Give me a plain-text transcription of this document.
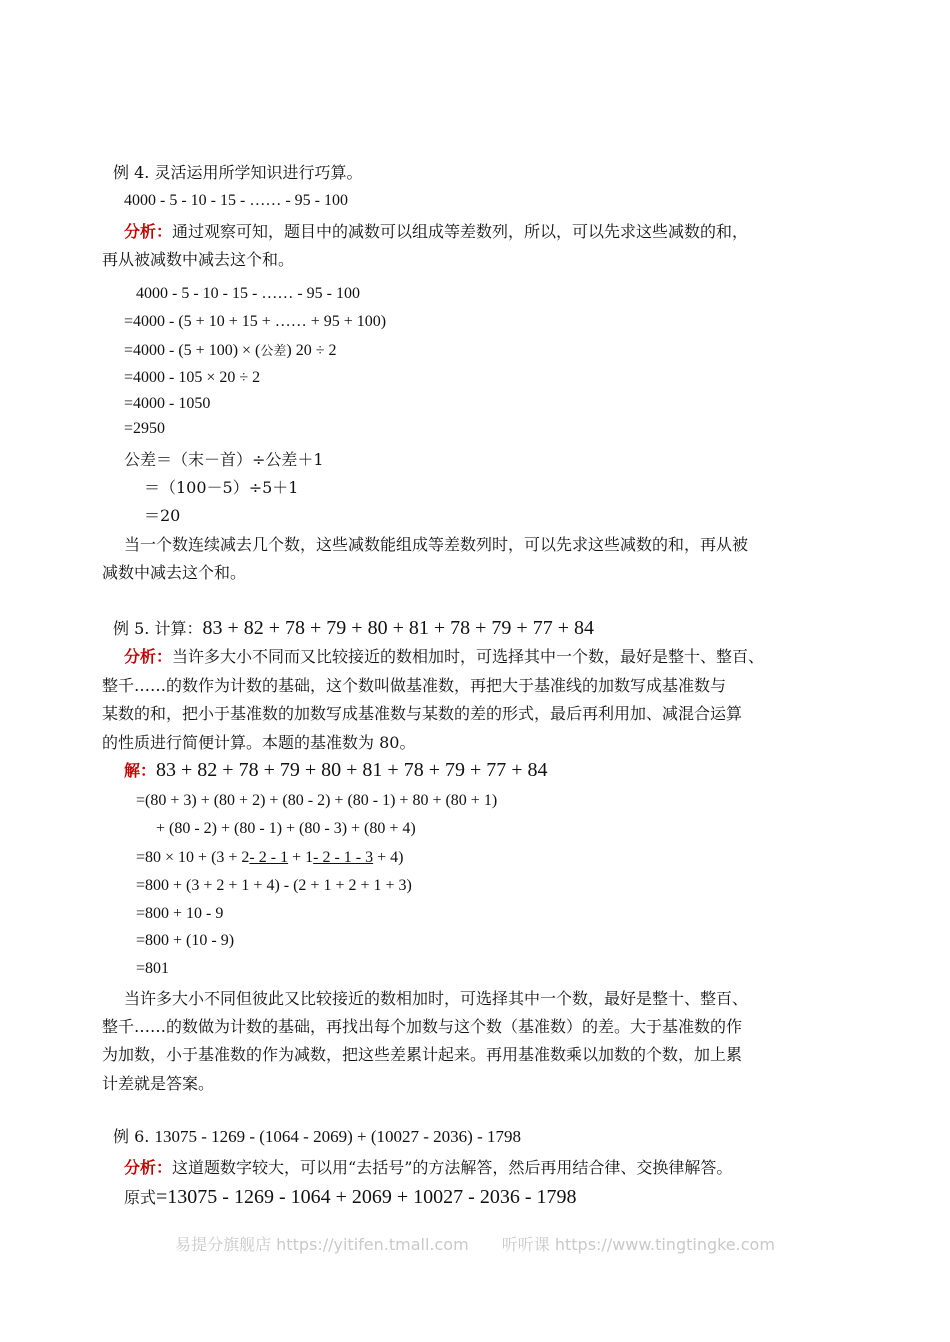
例 4. 灵活运用所学知识进行巧算。
4000 - 5 - 10 - 15 - …… - 95 - 100
分析：通过观察可知，题目中的减数可以组成等差数列，所以，可以先求这些减数的和，
再从被减数中减去这个和。
4000 - 5 - 10 - 15 - …… - 95 - 100
=4000 - (5 + 10 + 15 + …… + 95 + 100)
=4000 - (5 + 100) × (公差) 20 ÷ 2
=4000 - 105 × 20 ÷ 2
=4000 - 1050
=2950
公差＝（末－首）÷公差＋1
＝（100－5）÷5＋1
＝20
当一个数连续减去几个数，这些减数能组成等差数列时，可以先求这些减数的和，再从被
减数中减去这个和。
例 5. 计算：83 + 82 + 78 + 79 + 80 + 81 + 78 + 79 + 77 + 84
分析：当许多大小不同而又比较接近的数相加时，可选择其中一个数，最好是整十、整百、
整千……的数作为计数的基础，这个数叫做基准数，再把大于基准线的加数写成基准数与
某数的和，把小于基准数的加数写成基准数与某数的差的形式，最后再利用加、减混合运算
的性质进行简便计算。本题的基准数为 80。
解：83 + 82 + 78 + 79 + 80 + 81 + 78 + 79 + 77 + 84
=(80 + 3) + (80 + 2) + (80 - 2) + (80 - 1) + 80 + (80 + 1)
+ (80 - 2) + (80 - 1) + (80 - 3) + (80 + 4)
=80 × 10 + (3 + 2- 2 - 1 + 1- 2 - 1 - 3 + 4)
=800 + (3 + 2 + 1 + 4) - (2 + 1 + 2 + 1 + 3)
=800 + 10 - 9
=800 + (10 - 9)
=801
当许多大小不同但彼此又比较接近的数相加时，可选择其中一个数，最好是整十、整百、
整千……的数做为计数的基础，再找出每个加数与这个数（基准数）的差。大于基准数的作
为加数，小于基准数的作为减数，把这些差累计起来。再用基准数乘以加数的个数，加上累
计差就是答案。
例 6. 13075 - 1269 - (1064 - 2069) + (10027 - 2036) - 1798
分析：这道题数字较大，可以用“去括号”的方法解答，然后再用结合律、交换律解答。
原式=13075 - 1269 - 1064 + 2069 + 10027 - 2036 - 1798
易提分旗舰店 https://yitifen.tmall.com 听听课 https://www.tingtingke.com
